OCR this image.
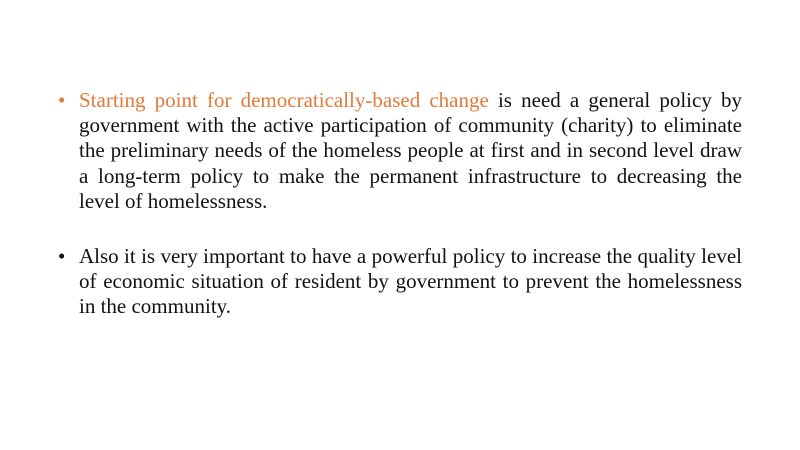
• Starting point for democratically-based change is need a general policy by government with the active participation of community (charity) to eliminate the preliminary needs of the homeless people at first and in second level draw a long-term policy to make the permanent infrastructure to decreasing the level of homelessness.
• Also it is very important to have a powerful policy to increase the quality level of economic situation of resident by government to prevent the homelessness in the community.
